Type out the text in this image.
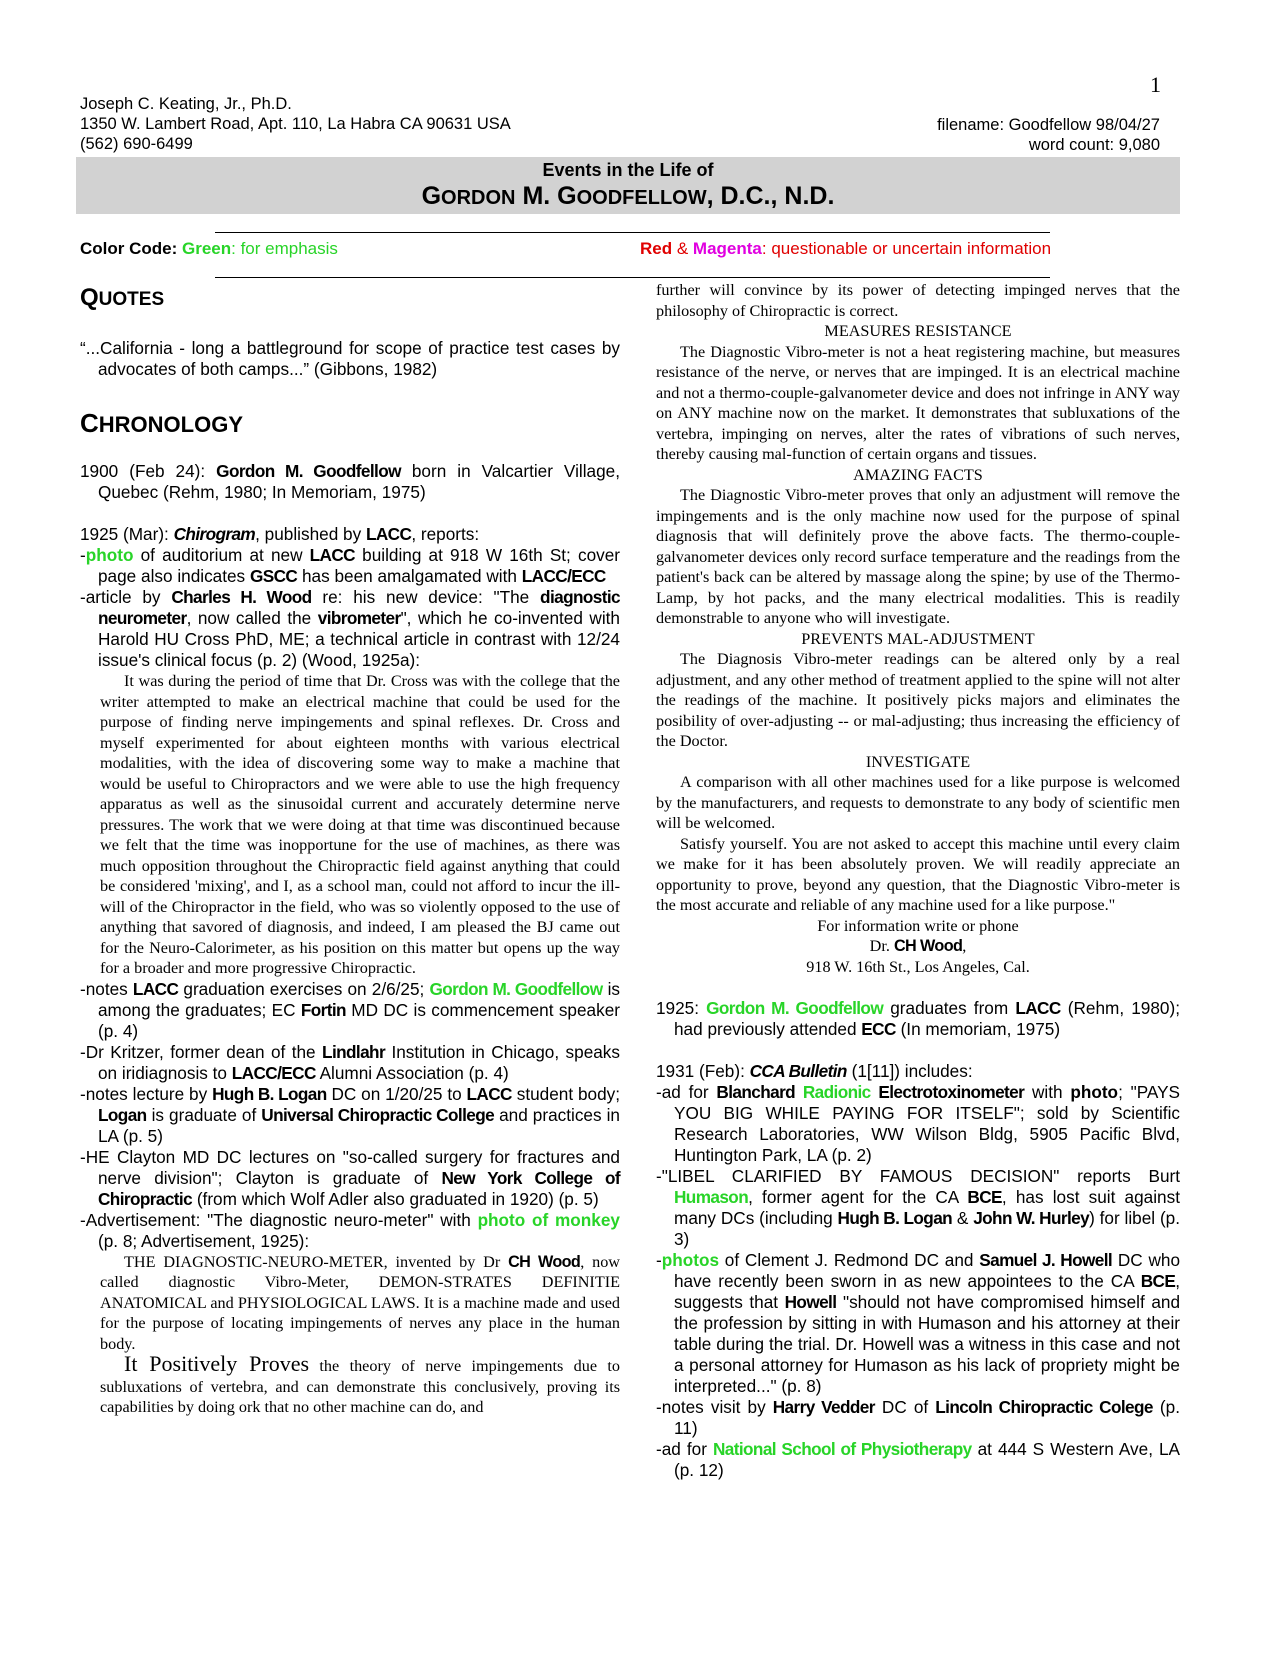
1
Joseph C. Keating, Jr., Ph.D.
1350 W. Lambert Road, Apt. 110, La Habra CA 90631 USA
(562) 690-6499
filename: Goodfellow 98/04/27
word count: 9,080
Events in the Life of
GORDON M. GOODFELLOW, D.C., N.D.
Color Code: Green: for emphasis	Red & Magenta: questionable or uncertain information
QUOTES

“...California - long a battleground for scope of practice test cases by advocates of both camps...” (Gibbons, 1982)

CHRONOLOGY

1900 (Feb 24): Gordon M. Goodfellow born in Valcartier Village, Quebec (Rehm, 1980; In Memoriam, 1975)

1925 (Mar): Chirogram, published by LACC, reports:

-photo of auditorium at new LACC building at 918 W 16th St; cover page also indicates GSCC has been amalgamated with LACC/ECC

-article by Charles H. Wood re: his new device: "The diagnostic neurometer, now called the vibrometer", which he co-invented with Harold HU Cross PhD, ME; a technical article in contrast with 12/24 issue's clinical focus (p. 2) (Wood, 1925a):

It was during the period of time that Dr. Cross was with the college that the writer attempted to make an electrical machine that could be used for the purpose of finding nerve impingements and spinal reflexes. Dr. Cross and myself experimented for about eighteen months with various electrical modalities, with the idea of discovering some way to make a machine that would be useful to Chiropractors and we were able to use the high frequency apparatus as well as the sinusoidal current and accurately determine nerve pressures. The work that we were doing at that time was discontinued because we felt that the time was inopportune for the use of machines, as there was much opposition throughout the Chiropractic field against anything that could be considered 'mixing', and I, as a school man, could not afford to incur the ill-will of the Chiropractor in the field, who was so violently opposed to the use of anything that savored of diagnosis, and indeed, I am pleased the BJ came out for the Neuro-Calorimeter, as his position on this matter but opens up the way for a broader and more progressive Chiropractic.

-notes LACC graduation exercises on 2/6/25; Gordon M. Goodfellow is among the graduates; EC Fortin MD DC is commencement speaker (p. 4)

-Dr Kritzer, former dean of the Lindlahr Institution in Chicago, speaks on iridiagnosis to LACC/ECC Alumni Association (p. 4)

-notes lecture by Hugh B. Logan DC on 1/20/25 to LACC student body; Logan is graduate of Universal Chiropractic College and practices in LA (p. 5)

-HE Clayton MD DC lectures on "so-called surgery for fractures and nerve division"; Clayton is graduate of New York College of Chiropractic (from which Wolf Adler also graduated in 1920) (p. 5)

-Advertisement: "The diagnostic neuro-meter" with photo of monkey (p. 8; Advertisement, 1925):

THE DIAGNOSTIC-NEURO-METER, invented by Dr CH Wood, now called diagnostic Vibro-Meter, DEMON-STRATES DEFINITIE ANATOMICAL and PHYSIOLOGICAL LAWS. It is a machine made and used for the purpose of locating impingements of nerves any place in the human body.

It Positively Proves the theory of nerve impingements due to subluxations of vertebra, and can demonstrate this conclusively, proving its capabilities by doing ork that no other machine can do, and

further will convince by its power of detecting impinged nerves that the philosophy of Chiropractic is correct.

MEASURES RESISTANCE

The Diagnostic Vibro-meter is not a heat registering machine, but measures resistance of the nerve, or nerves that are impinged. It is an electrical machine and not a thermo-couple-galvanometer device and does not infringe in ANY way on ANY machine now on the market. It demonstrates that subluxations of the vertebra, impinging on nerves, alter the rates of vibrations of such nerves, thereby causing mal-function of certain organs and tissues.

AMAZING FACTS

The Diagnostic Vibro-meter proves that only an adjustment will remove the impingements and is the only machine now used for the purpose of spinal diagnosis that will definitely prove the above facts. The thermo-couple-galvanometer devices only record surface temperature and the readings from the patient's back can be altered by massage along the spine; by use of the Thermo-Lamp, by hot packs, and the many electrical modalities. This is readily demonstrable to anyone who will investigate.

PREVENTS MAL-ADJUSTMENT

The Diagnosis Vibro-meter readings can be altered only by a real adjustment, and any other method of treatment applied to the spine will not alter the readings of the machine. It positively picks majors and eliminates the posibility of over-adjusting -- or mal-adjusting; thus increasing the efficiency of the Doctor.

INVESTIGATE

A comparison with all other machines used for a like purpose is welcomed by the manufacturers, and requests to demonstrate to any body of scientific men will be welcomed.

Satisfy yourself. You are not asked to accept this machine until every claim we make for it has been absolutely proven. We will readily appreciate an opportunity to prove, beyond any question, that the Diagnostic Vibro-meter is the most accurate and reliable of any machine used for a like purpose."

For information write or phone

Dr. CH Wood,

918 W. 16th St., Los Angeles, Cal.

1925: Gordon M. Goodfellow graduates from LACC (Rehm, 1980); had previously attended ECC (In memoriam, 1975)

1931 (Feb): CCA Bulletin (1[11]) includes:

-ad for Blanchard Radionic Electrotoxinometer with photo; "PAYS YOU BIG WHILE PAYING FOR ITSELF"; sold by Scientific Research Laboratories, WW Wilson Bldg, 5905 Pacific Blvd, Huntington Park, LA (p. 2)

-"LIBEL CLARIFIED BY FAMOUS DECISION" reports Burt Humason, former agent for the CA BCE, has lost suit against many DCs (including Hugh B. Logan & John W. Hurley) for libel (p. 3)

-photos of Clement J. Redmond DC and Samuel J. Howell DC who have recently been sworn in as new appointees to the CA BCE, suggests that Howell "should not have compromised himself and the profession by sitting in with Humason and his attorney at their table during the trial. Dr. Howell was a witness in this case and not a personal attorney for Humason as his lack of propriety might be interpreted..." (p. 8)

-notes visit by Harry Vedder DC of Lincoln Chiropractic Colege (p. 11)

-ad for National School of Physiotherapy at 444 S Western Ave, LA (p. 12)
